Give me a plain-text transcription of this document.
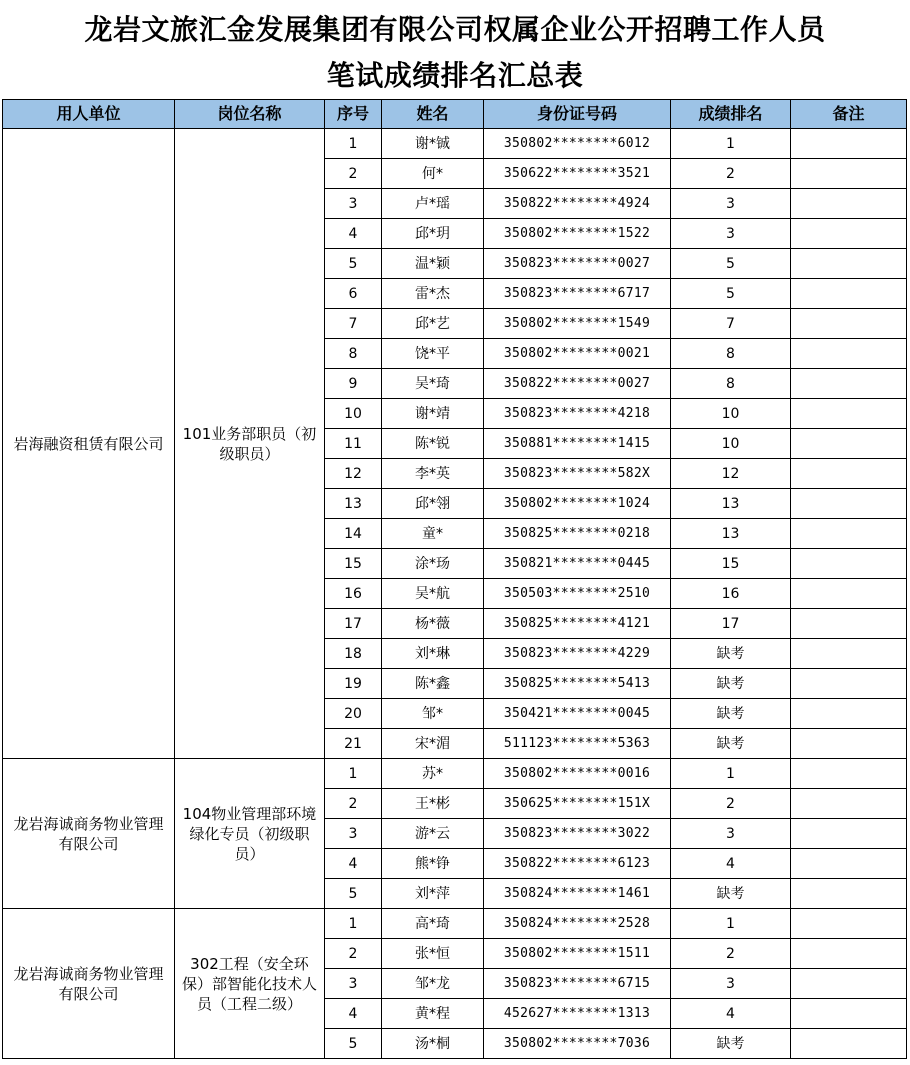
龙岩文旅汇金发展集团有限公司权属企业公开招聘工作人员
笔试成绩排名汇总表
用人单位	岗位名称	序号	姓名	身份证号码	成绩排名	备注
岩海融资租赁有限公司	101业务部职员（初级职员）	1	谢*铖	350802********6012	1	
		2	何*	350622********3521	2	
		3	卢*瑶	350822********4924	3	
		4	邱*玥	350802********1522	3	
		5	温*颖	350823********0027	5	
		6	雷*杰	350823********6717	5	
		7	邱*艺	350802********1549	7	
		8	饶*平	350802********0021	8	
		9	吴*琦	350822********0027	8	
		10	谢*靖	350823********4218	10	
		11	陈*锐	350881********1415	10	
		12	李*英	350823********582X	12	
		13	邱*翎	350802********1024	13	
		14	童*	350825********0218	13	
		15	涂*玚	350821********0445	15	
		16	吴*航	350503********2510	16	
		17	杨*薇	350825********4121	17	
		18	刘*琳	350823********4229	缺考	
		19	陈*鑫	350825********5413	缺考	
		20	邹*	350421********0045	缺考	
		21	宋*湄	511123********5363	缺考	
龙岩海诚商务物业管理有限公司	104物业管理部环境绿化专员（初级职员）	1	苏*	350802********0016	1	
		2	王*彬	350625********151X	2	
		3	游*云	350823********3022	3	
		4	熊*铮	350822********6123	4	
		5	刘*萍	350824********1461	缺考	
龙岩海诚商务物业管理有限公司	302工程（安全环保）部智能化技术人员（工程二级）	1	高*琦	350824********2528	1	
		2	张*恒	350802********1511	2	
		3	邹*龙	350823********6715	3	
		4	黄*程	452627********1313	4	
		5	汤*桐	350802********7036	缺考	
